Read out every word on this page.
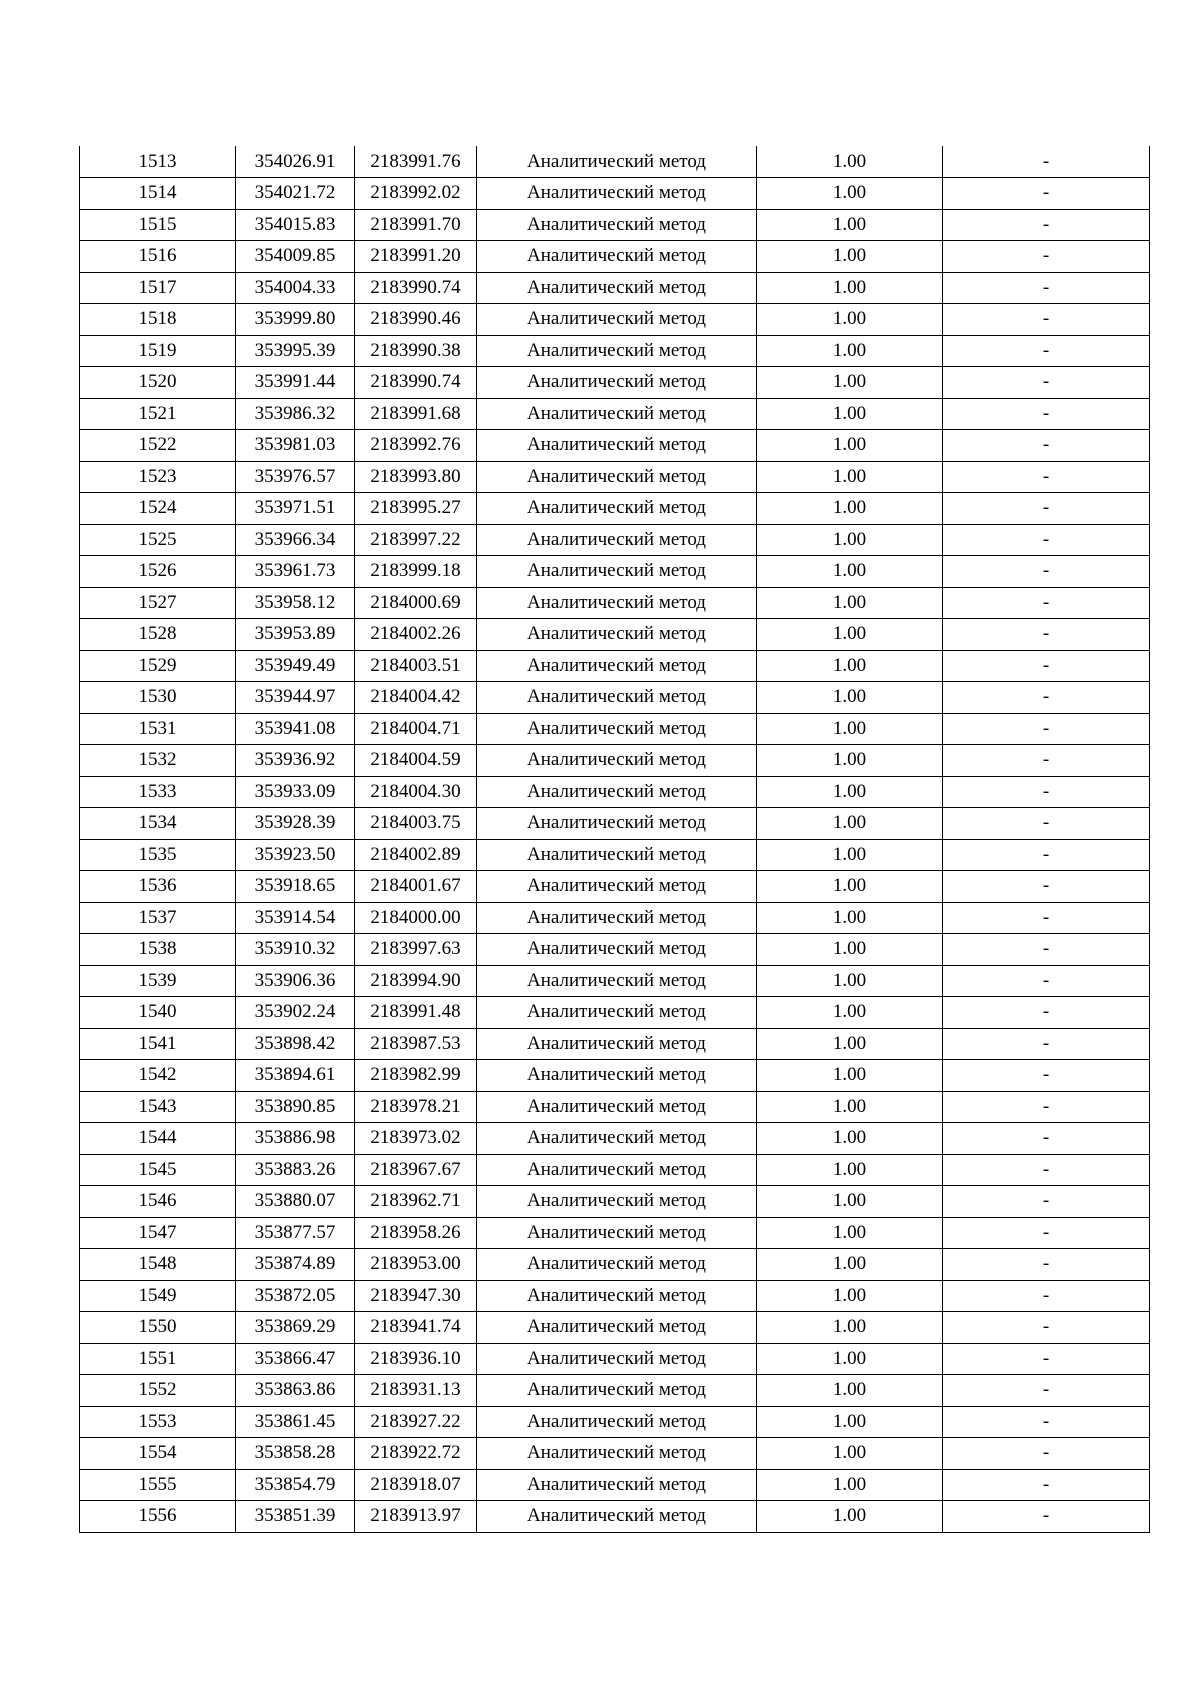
1513	354026.91	2183991.76	Аналитический метод	1.00	-
1514	354021.72	2183992.02	Аналитический метод	1.00	-
1515	354015.83	2183991.70	Аналитический метод	1.00	-
1516	354009.85	2183991.20	Аналитический метод	1.00	-
1517	354004.33	2183990.74	Аналитический метод	1.00	-
1518	353999.80	2183990.46	Аналитический метод	1.00	-
1519	353995.39	2183990.38	Аналитический метод	1.00	-
1520	353991.44	2183990.74	Аналитический метод	1.00	-
1521	353986.32	2183991.68	Аналитический метод	1.00	-
1522	353981.03	2183992.76	Аналитический метод	1.00	-
1523	353976.57	2183993.80	Аналитический метод	1.00	-
1524	353971.51	2183995.27	Аналитический метод	1.00	-
1525	353966.34	2183997.22	Аналитический метод	1.00	-
1526	353961.73	2183999.18	Аналитический метод	1.00	-
1527	353958.12	2184000.69	Аналитический метод	1.00	-
1528	353953.89	2184002.26	Аналитический метод	1.00	-
1529	353949.49	2184003.51	Аналитический метод	1.00	-
1530	353944.97	2184004.42	Аналитический метод	1.00	-
1531	353941.08	2184004.71	Аналитический метод	1.00	-
1532	353936.92	2184004.59	Аналитический метод	1.00	-
1533	353933.09	2184004.30	Аналитический метод	1.00	-
1534	353928.39	2184003.75	Аналитический метод	1.00	-
1535	353923.50	2184002.89	Аналитический метод	1.00	-
1536	353918.65	2184001.67	Аналитический метод	1.00	-
1537	353914.54	2184000.00	Аналитический метод	1.00	-
1538	353910.32	2183997.63	Аналитический метод	1.00	-
1539	353906.36	2183994.90	Аналитический метод	1.00	-
1540	353902.24	2183991.48	Аналитический метод	1.00	-
1541	353898.42	2183987.53	Аналитический метод	1.00	-
1542	353894.61	2183982.99	Аналитический метод	1.00	-
1543	353890.85	2183978.21	Аналитический метод	1.00	-
1544	353886.98	2183973.02	Аналитический метод	1.00	-
1545	353883.26	2183967.67	Аналитический метод	1.00	-
1546	353880.07	2183962.71	Аналитический метод	1.00	-
1547	353877.57	2183958.26	Аналитический метод	1.00	-
1548	353874.89	2183953.00	Аналитический метод	1.00	-
1549	353872.05	2183947.30	Аналитический метод	1.00	-
1550	353869.29	2183941.74	Аналитический метод	1.00	-
1551	353866.47	2183936.10	Аналитический метод	1.00	-
1552	353863.86	2183931.13	Аналитический метод	1.00	-
1553	353861.45	2183927.22	Аналитический метод	1.00	-
1554	353858.28	2183922.72	Аналитический метод	1.00	-
1555	353854.79	2183918.07	Аналитический метод	1.00	-
1556	353851.39	2183913.97	Аналитический метод	1.00	-
